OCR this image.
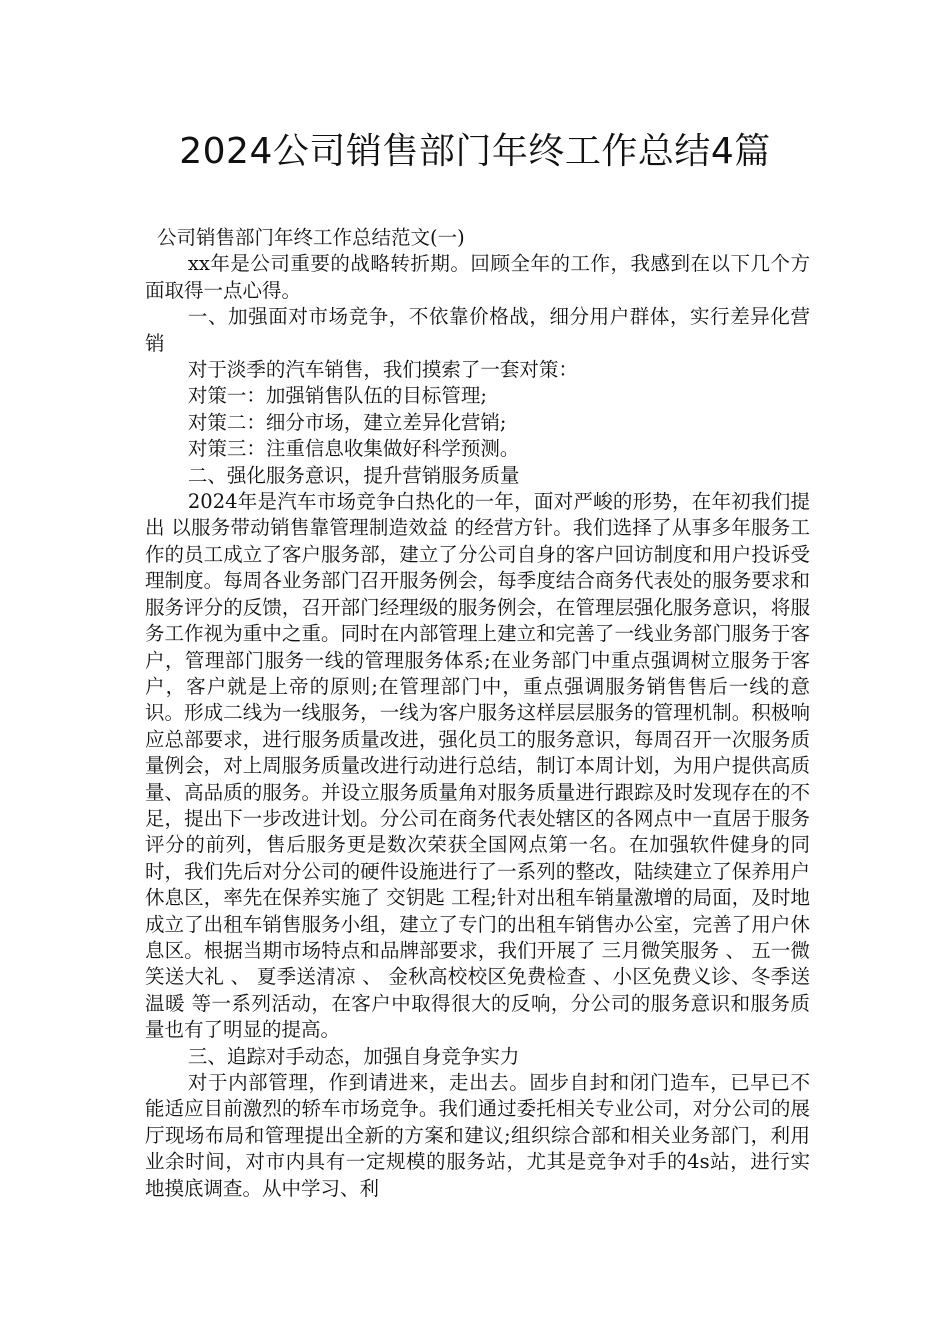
2024公司销售部门年终工作总结4篇

公司销售部门年终工作总结范文(一)

xx年是公司重要的战略转折期。回顾全年的工作，我感到在以下几个方面取得一点心得。

一、加强面对市场竞争，不依靠价格战，细分用户群体，实行差异化营销

对于淡季的汽车销售，我们摸索了一套对策：

对策一：加强销售队伍的目标管理;

对策二：细分市场，建立差异化营销;

对策三：注重信息收集做好科学预测。

二、强化服务意识，提升营销服务质量

2024年是汽车市场竞争白热化的一年，面对严峻的形势，在年初我们提出 以服务带动销售靠管理制造效益 的经营方针。我们选择了从事多年服务工作的员工成立了客户服务部，建立了分公司自身的客户回访制度和用户投诉受理制度。每周各业务部门召开服务例会，每季度结合商务代表处的服务要求和服务评分的反馈，召开部门经理级的服务例会，在管理层强化服务意识，将服务工作视为重中之重。同时在内部管理上建立和完善了一线业务部门服务于客户，管理部门服务一线的管理服务体系;在业务部门中重点强调树立服务于客户，客户就是上帝的原则;在管理部门中，重点强调服务销售售后一线的意识。形成二线为一线服务，一线为客户服务这样层层服务的管理机制。积极响应总部要求，进行服务质量改进，强化员工的服务意识，每周召开一次服务质量例会，对上周服务质量改进行动进行总结，制订本周计划，为用户提供高质量、高品质的服务。并设立服务质量角对服务质量进行跟踪及时发现存在的不足，提出下一步改进计划。分公司在商务代表处辖区的各网点中一直居于服务评分的前列，售后服务更是数次荣获全国网点第一名。在加强软件健身的同时，我们先后对分公司的硬件设施进行了一系列的整改，陆续建立了保养用户休息区，率先在保养实施了 交钥匙 工程;针对出租车销量激增的局面，及时地成立了出租车销售服务小组，建立了专门的出租车销售办公室，完善了用户休息区。根据当期市场特点和品牌部要求，我们开展了 三月微笑服务 、 五一微笑送大礼 、 夏季送清凉 、 金秋高校校区免费检查 、小区免费义诊、冬季送温暖 等一系列活动，在客户中取得很大的反响，分公司的服务意识和服务质量也有了明显的提高。

三、追踪对手动态，加强自身竞争实力

对于内部管理，作到请进来，走出去。固步自封和闭门造车，已早已不能适应目前激烈的轿车市场竞争。我们通过委托相关专业公司，对分公司的展厅现场布局和管理提出全新的方案和建议;组织综合部和相关业务部门，利用业余时间，对市内具有一定规模的服务站，尤其是竞争对手的4s站，进行实地摸底调查。从中学习、利
